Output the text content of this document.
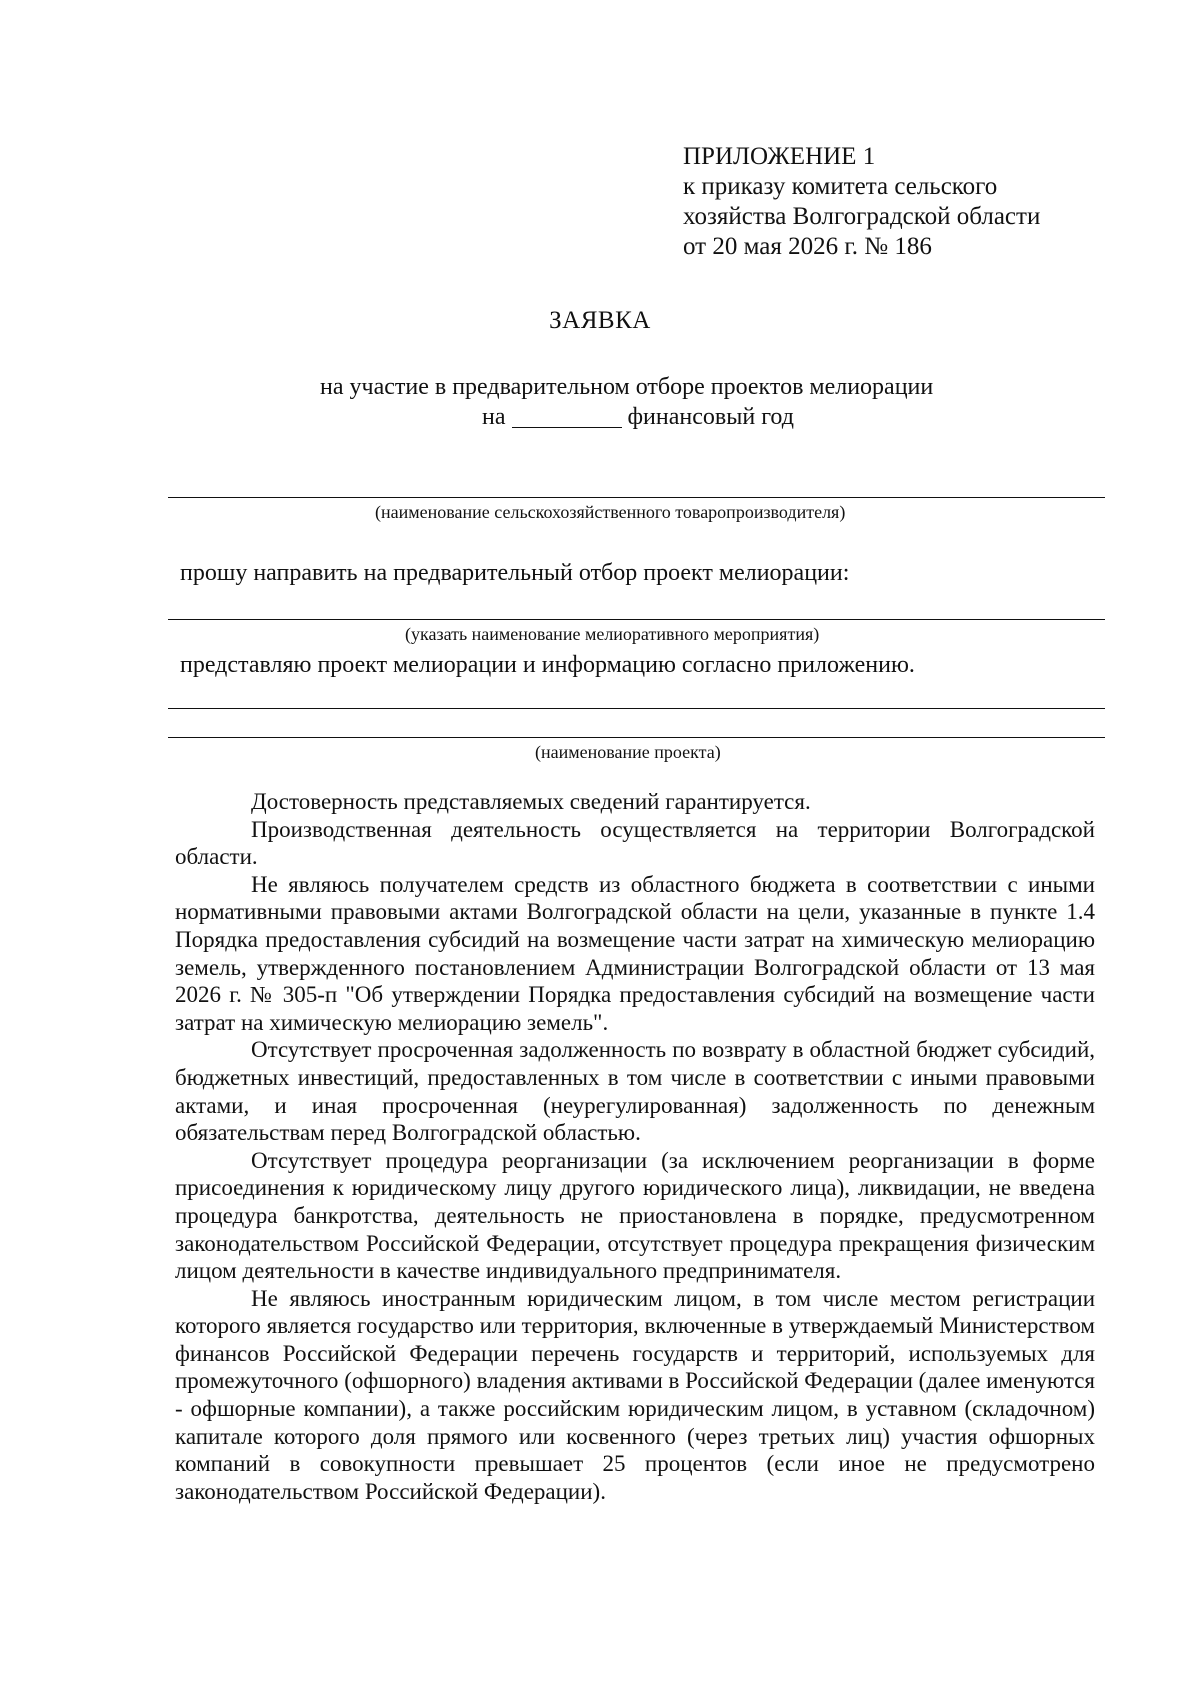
ПРИЛОЖЕНИЕ 1
к приказу комитета сельского
хозяйства Волгоградской области
от 20 мая 2026 г. № 186
ЗАЯВКА
на участие в предварительном отборе проектов мелиорации
на	финансовый год
(наименование сельскохозяйственного товаропроизводителя)
прошу направить на предварительный отбор проект мелиорации:
(указать наименование мелиоративного мероприятия)
представляю проект мелиорации и информацию согласно приложению.
(наименование проекта)

Достоверность представляемых сведений гарантируется.

Производственная деятельность осуществляется на территории Волгоградской области.

Не являюсь получателем средств из областного бюджета в соответствии с иными нормативными правовыми актами Волгоградской области на цели, указанные в пункте 1.4 Порядка предоставления субсидий на возмещение части затрат на химическую мелиорацию земель, утвержденного постановлением Администрации Волгоградской области от 13 мая 2026 г. № 305-п "Об утверждении Порядка предоставления субсидий на возмещение части затрат на химическую мелиорацию земель".

Отсутствует просроченная задолженность по возврату в областной бюджет субсидий, бюджетных инвестиций, предоставленных в том числе в соответствии с иными правовыми актами, и иная просроченная (неурегулированная) задолженность по денежным обязательствам перед Волгоградской областью.

Отсутствует процедура реорганизации (за исключением реорганизации в форме присоединения к юридическому лицу другого юридического лица), ликвидации, не введена процедура банкротства, деятельность не приостановлена в порядке, предусмотренном законодательством Российской Федерации, отсутствует процедура прекращения физическим лицом деятельности в качестве индивидуального предпринимателя.

Не являюсь иностранным юридическим лицом, в том числе местом регистрации которого является государство или территория, включенные в утверждаемый Министерством финансов Российской Федерации перечень государств и территорий, используемых для промежуточного (офшорного) владения активами в Российской Федерации (далее именуются - офшорные компании), а также российским юридическим лицом, в уставном (складочном) капитале которого доля прямого или косвенного (через третьих лиц) участия офшорных компаний в совокупности превышает 25 процентов (если иное не предусмотрено законодательством Российской Федерации).
